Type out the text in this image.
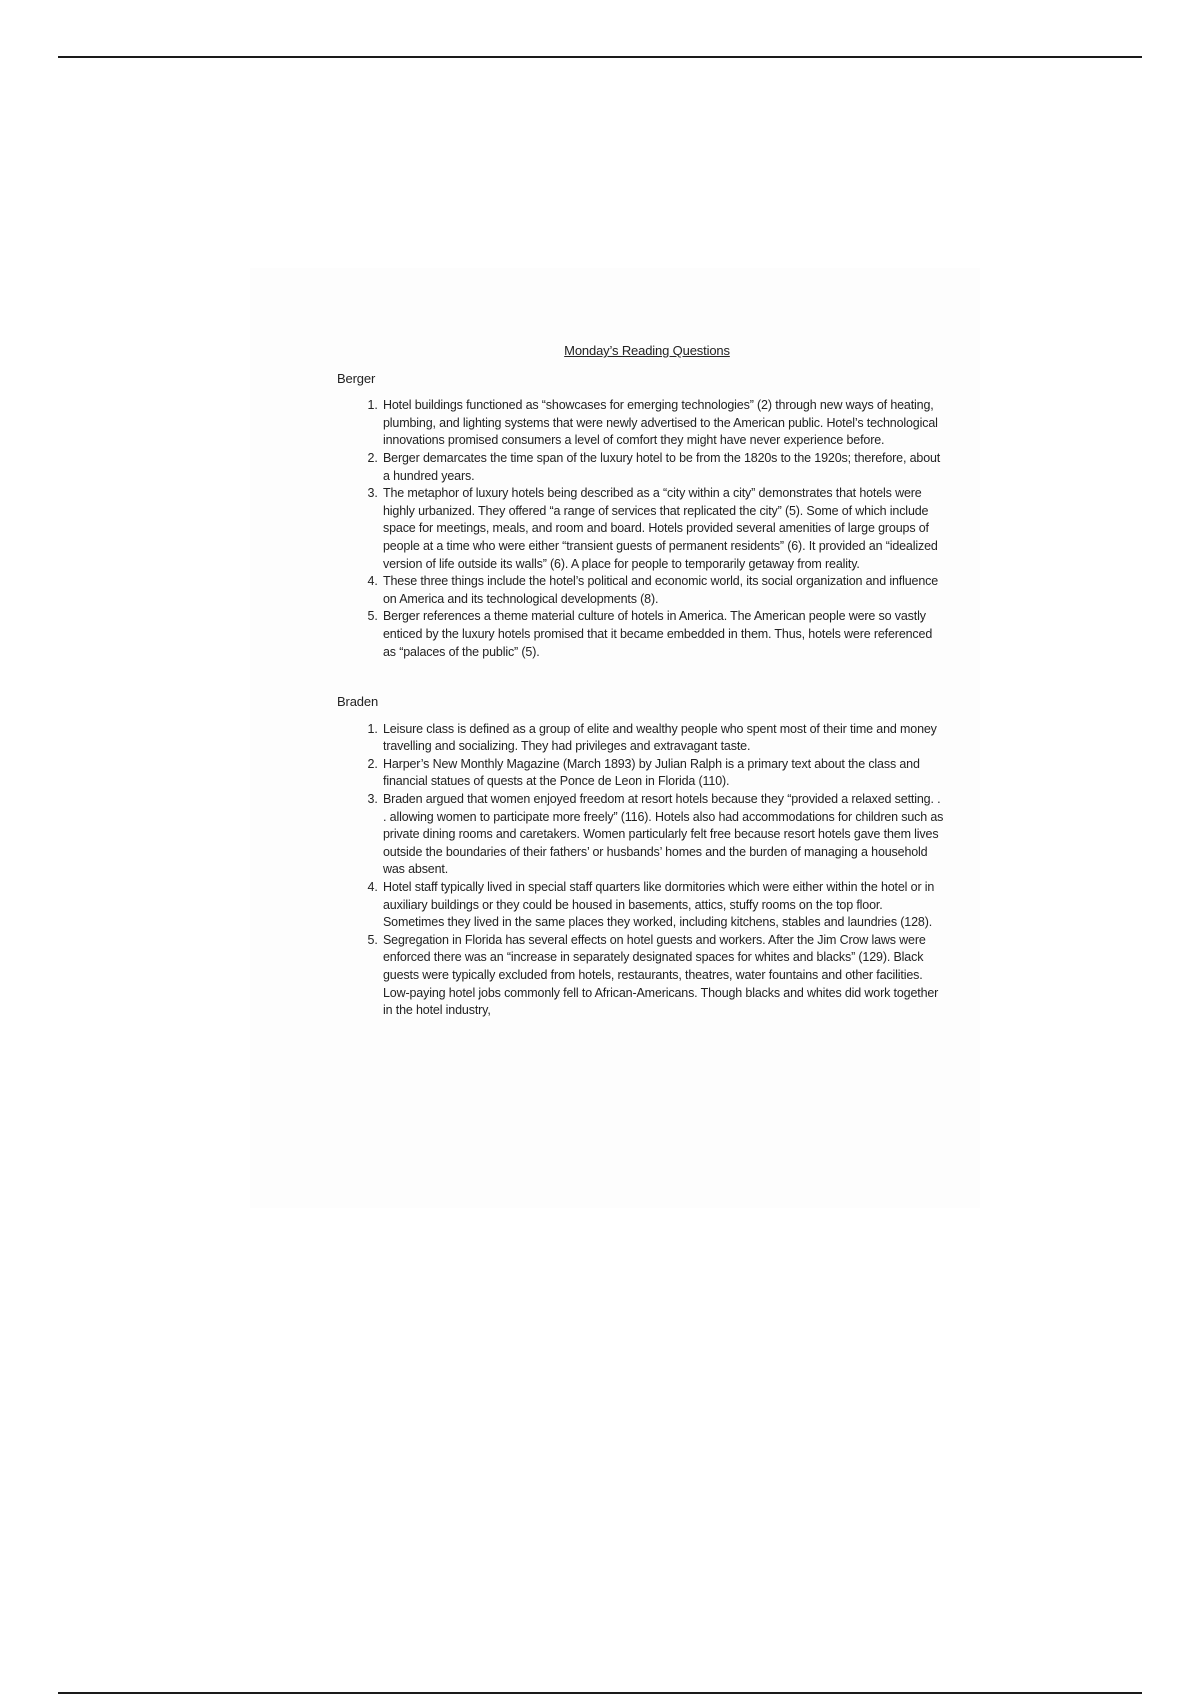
Monday’s Reading Questions
Berger
1. Hotel buildings functioned as “showcases for emerging technologies” (2) through new ways of heating, plumbing, and lighting systems that were newly advertised to the American public. Hotel’s technological innovations promised consumers a level of comfort they might have never experience before.
2. Berger demarcates the time span of the luxury hotel to be from the 1820s to the 1920s; therefore, about a hundred years.
3. The metaphor of luxury hotels being described as a “city within a city” demonstrates that hotels were highly urbanized. They offered “a range of services that replicated the city” (5). Some of which include space for meetings, meals, and room and board. Hotels provided several amenities of large groups of people at a time who were either “transient guests of permanent residents” (6). It provided an “idealized version of life outside its walls” (6). A place for people to temporarily getaway from reality.
4. These three things include the hotel’s political and economic world, its social organization and influence on America and its technological developments (8).
5. Berger references a theme material culture of hotels in America. The American people were so vastly enticed by the luxury hotels promised that it became embedded in them. Thus, hotels were referenced as “palaces of the public” (5).
Braden
1. Leisure class is defined as a group of elite and wealthy people who spent most of their time and money travelling and socializing. They had privileges and extravagant taste.
2. Harper’s New Monthly Magazine (March 1893) by Julian Ralph is a primary text about the class and financial statues of quests at the Ponce de Leon in Florida (110).
3. Braden argued that women enjoyed freedom at resort hotels because they “provided a relaxed setting. . . allowing women to participate more freely” (116). Hotels also had accommodations for children such as private dining rooms and caretakers. Women particularly felt free because resort hotels gave them lives outside the boundaries of their fathers’ or husbands’ homes and the burden of managing a household was absent.
4. Hotel staff typically lived in special staff quarters like dormitories which were either within the hotel or in auxiliary buildings or they could be housed in basements, attics, stuffy rooms on the top floor. Sometimes they lived in the same places they worked, including kitchens, stables and laundries (128).
5. Segregation in Florida has several effects on hotel guests and workers. After the Jim Crow laws were enforced there was an “increase in separately designated spaces for whites and blacks” (129). Black guests were typically excluded from hotels, restaurants, theatres, water fountains and other facilities. Low-paying hotel jobs commonly fell to African-Americans. Though blacks and whites did work together in the hotel industry,
